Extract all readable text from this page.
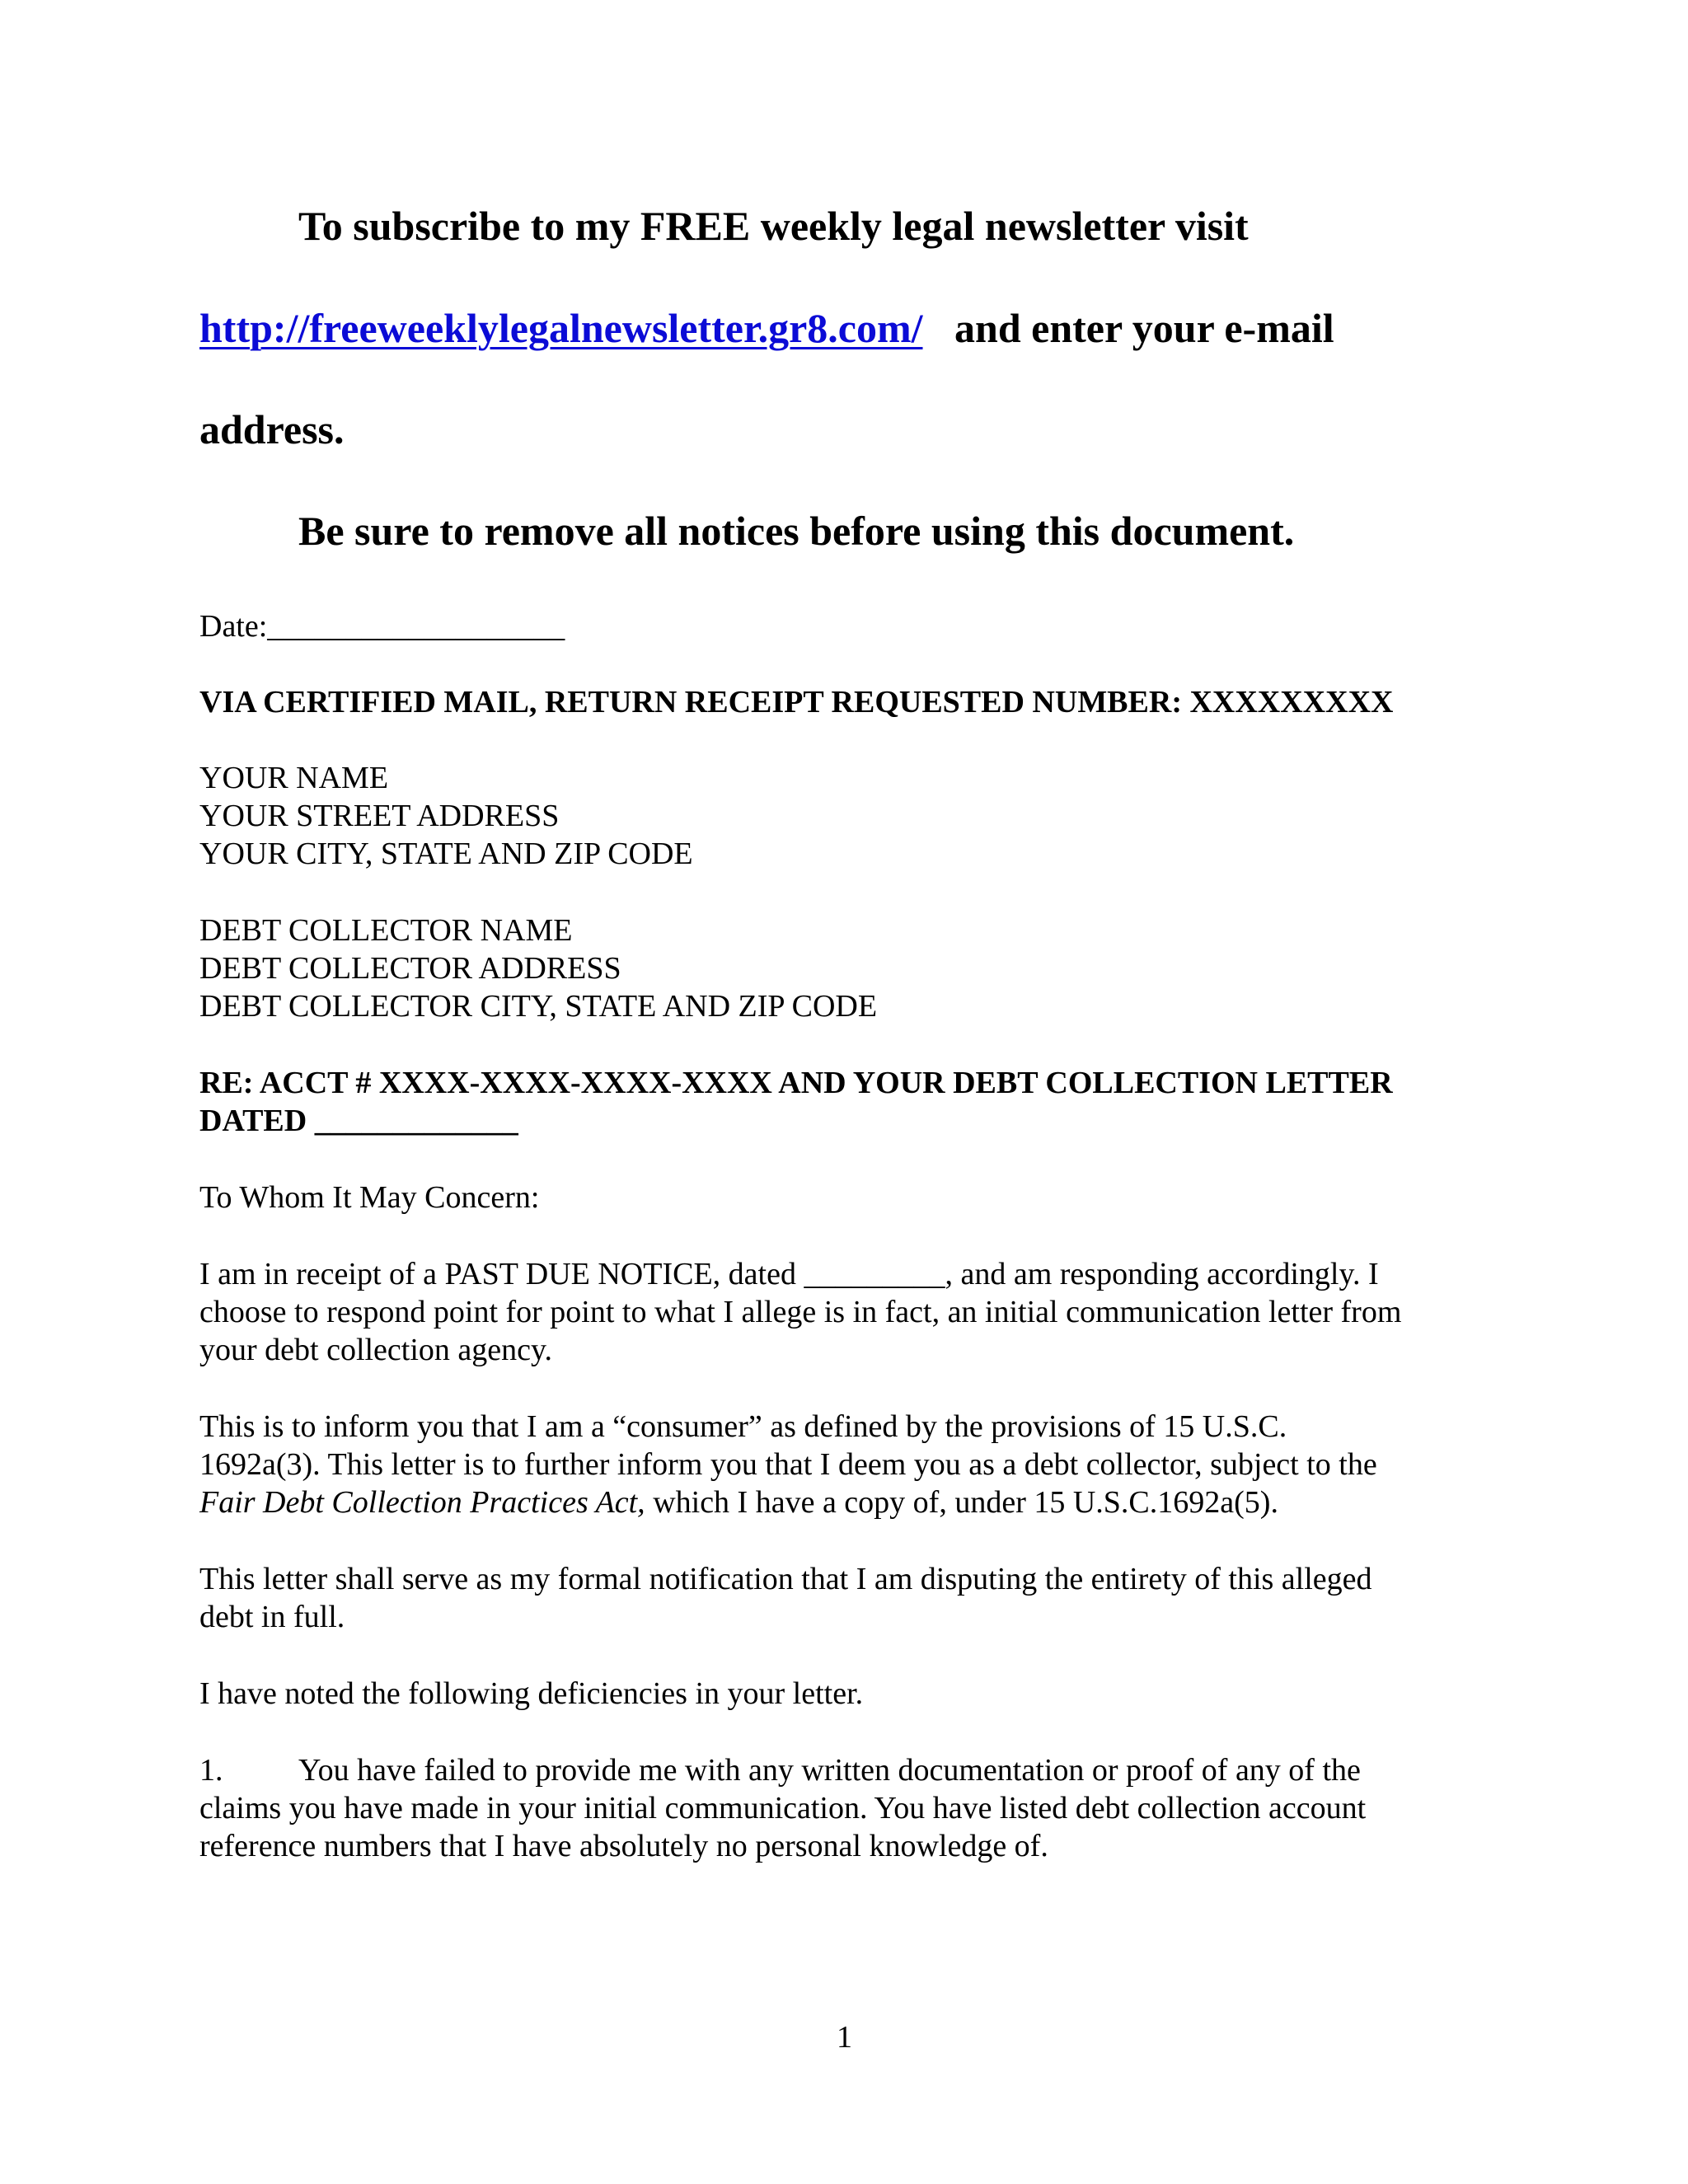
To subscribe to my FREE weekly legal newsletter visit

http://freeweeklylegalnewsletter.gr8.com/ and enter your e-mail

address.

Be sure to remove all notices before using this document.

Date:___________________

VIA CERTIFIED MAIL, RETURN RECEIPT REQUESTED NUMBER: XXXXXXXXX

YOUR NAME

YOUR STREET ADDRESS

YOUR CITY, STATE AND ZIP CODE

DEBT COLLECTOR NAME

DEBT COLLECTOR ADDRESS

DEBT COLLECTOR CITY, STATE AND ZIP CODE

RE: ACCT # XXXX-XXXX-XXXX-XXXX AND YOUR DEBT COLLECTION LETTER

DATED _____________

To Whom It May Concern:

I am in receipt of a PAST DUE NOTICE, dated _________, and am responding accordingly. I

choose to respond point for point to what I allege is in fact, an initial communication letter from

your debt collection agency.

This is to inform you that I am a “consumer” as defined by the provisions of 15 U.S.C.

1692a(3). This letter is to further inform you that I deem you as a debt collector, subject to the

Fair Debt Collection Practices Act, which I have a copy of, under 15 U.S.C.1692a(5).

This letter shall serve as my formal notification that I am disputing the entirety of this alleged

debt in full.

I have noted the following deficiencies in your letter.

1. You have failed to provide me with any written documentation or proof of any of the

claims you have made in your initial communication. You have listed debt collection account

reference numbers that I have absolutely no personal knowledge of.

1
